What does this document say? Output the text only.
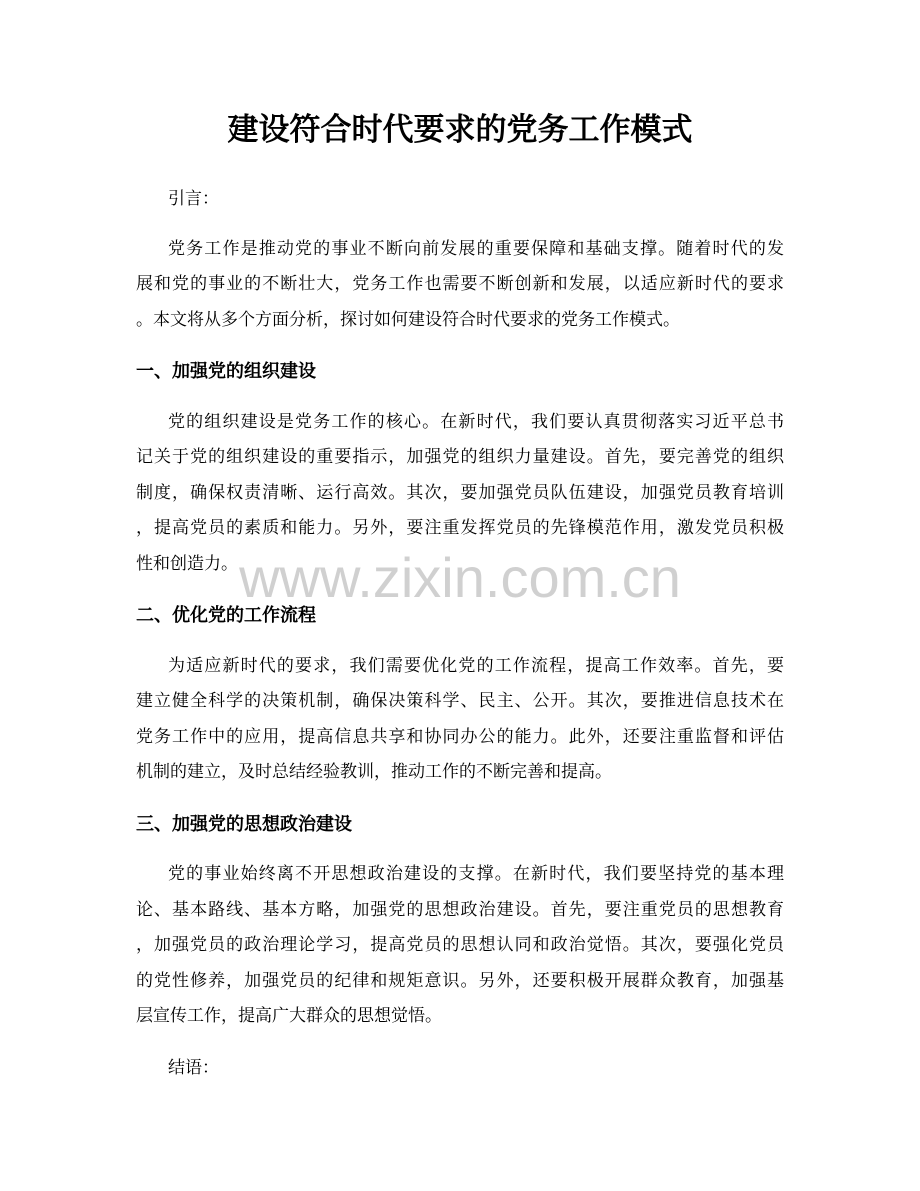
建设符合时代要求的党务工作模式
引言：
党务工作是推动党的事业不断向前发展的重要保障和基础支撑。随着时代的发
展和党的事业的不断壮大，党务工作也需要不断创新和发展，以适应新时代的要求
。本文将从多个方面分析，探讨如何建设符合时代要求的党务工作模式。
一、加强党的组织建设
党的组织建设是党务工作的核心。在新时代，我们要认真贯彻落实习近平总书
记关于党的组织建设的重要指示，加强党的组织力量建设。首先，要完善党的组织
制度，确保权责清晰、运行高效。其次，要加强党员队伍建设，加强党员教育培训
，提高党员的素质和能力。另外，要注重发挥党员的先锋模范作用，激发党员积极
性和创造力。
二、优化党的工作流程
为适应新时代的要求，我们需要优化党的工作流程，提高工作效率。首先，要
建立健全科学的决策机制，确保决策科学、民主、公开。其次，要推进信息技术在
党务工作中的应用，提高信息共享和协同办公的能力。此外，还要注重监督和评估
机制的建立，及时总结经验教训，推动工作的不断完善和提高。
三、加强党的思想政治建设
党的事业始终离不开思想政治建设的支撑。在新时代，我们要坚持党的基本理
论、基本路线、基本方略，加强党的思想政治建设。首先，要注重党员的思想教育
，加强党员的政治理论学习，提高党员的思想认同和政治觉悟。其次，要强化党员
的党性修养，加强党员的纪律和规矩意识。另外，还要积极开展群众教育，加强基
层宣传工作，提高广大群众的思想觉悟。
结语：
www.zixin.com.cn
